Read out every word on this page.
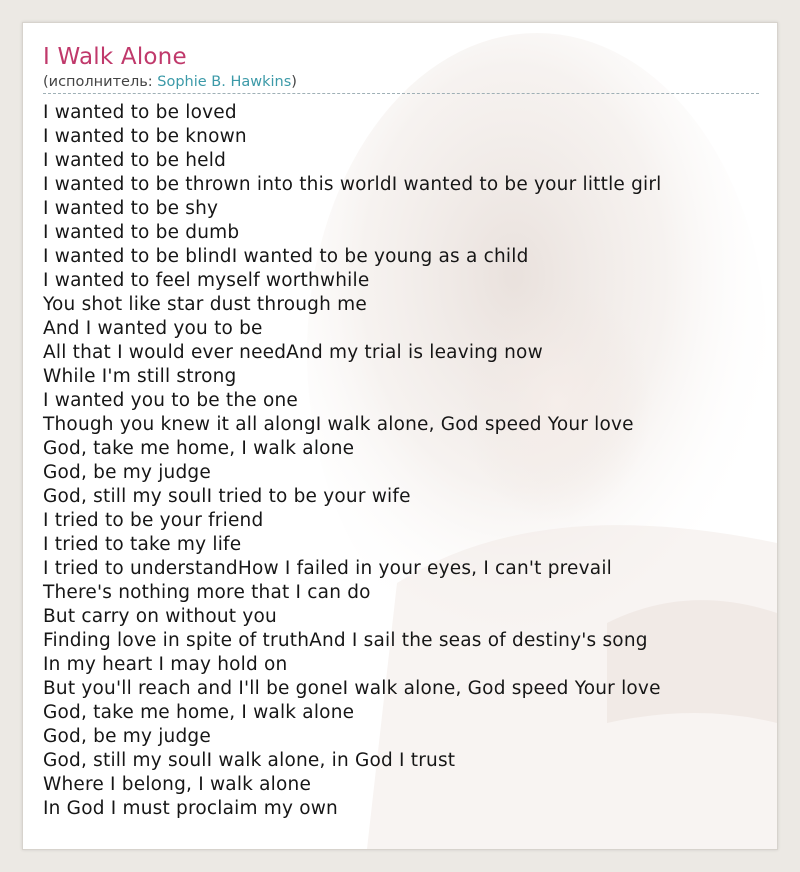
I Walk Alone
(исполнитель: Sophie B. Hawkins)
I wanted to be loved
I wanted to be known
I wanted to be held
I wanted to be thrown into this worldI wanted to be your little girl
I wanted to be shy
I wanted to be dumb
I wanted to be blindI wanted to be young as a child
I wanted to feel myself worthwhile
You shot like star dust through me
And I wanted you to be
All that I would ever needAnd my trial is leaving now
While I'm still strong
I wanted you to be the one
Though you knew it all alongI walk alone, God speed Your love
God, take me home, I walk alone
God, be my judge
God, still my soulI tried to be your wife
I tried to be your friend
I tried to take my life
I tried to understandHow I failed in your eyes, I can't prevail
There's nothing more that I can do
But carry on without you
Finding love in spite of truthAnd I sail the seas of destiny's song
In my heart I may hold on
But you'll reach and I'll be goneI walk alone, God speed Your love
God, take me home, I walk alone
God, be my judge
God, still my soulI walk alone, in God I trust
Where I belong, I walk alone
In God I must proclaim my own
